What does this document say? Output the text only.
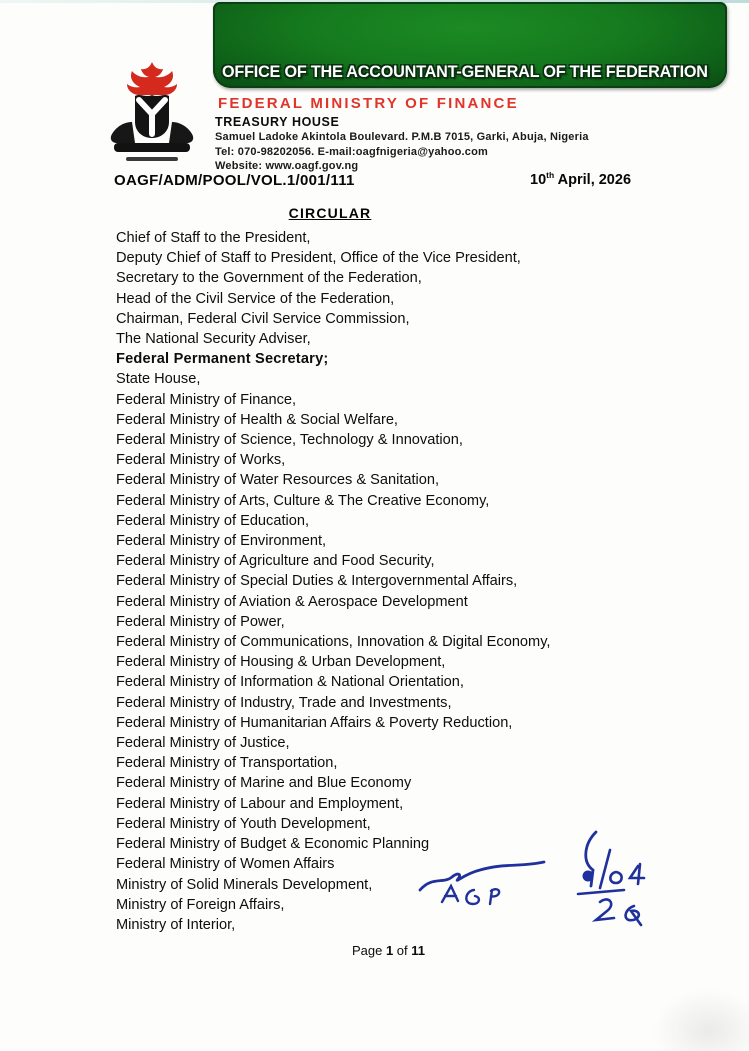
OFFICE OF THE ACCOUNTANT-GENERAL OF THE FEDERATION
FEDERAL MINISTRY OF FINANCE
TREASURY HOUSE
Samuel Ladoke Akintola Boulevard. P.M.B 7015, Garki, Abuja, Nigeria
Tel: 070-98202056. E-mail:oagfnigeria@yahoo.com
Website: www.oagf.gov.ng
OAGF/ADM/POOL/VOL.1/001/111	10th April, 2026
CIRCULAR
Chief of Staff to the President,
Deputy Chief of Staff to President, Office of the Vice President,
Secretary to the Government of the Federation,
Head of the Civil Service of the Federation,
Chairman, Federal Civil Service Commission,
The National Security Adviser,
Federal Permanent Secretary;
State House,
Federal Ministry of Finance,
Federal Ministry of Health & Social Welfare,
Federal Ministry of Science, Technology & Innovation,
Federal Ministry of Works,
Federal Ministry of Water Resources & Sanitation,
Federal Ministry of Arts, Culture & The Creative Economy,
Federal Ministry of Education,
Federal Ministry of Environment,
Federal Ministry of Agriculture and Food Security,
Federal Ministry of Special Duties & Intergovernmental Affairs,
Federal Ministry of Aviation & Aerospace Development
Federal Ministry of Power,
Federal Ministry of Communications, Innovation & Digital Economy,
Federal Ministry of Housing & Urban Development,
Federal Ministry of Information & National Orientation,
Federal Ministry of Industry, Trade and Investments,
Federal Ministry of Humanitarian Affairs & Poverty Reduction,
Federal Ministry of Justice,
Federal Ministry of Transportation,
Federal Ministry of Marine and Blue Economy
Federal Ministry of Labour and Employment,
Federal Ministry of Youth Development,
Federal Ministry of Budget & Economic Planning
Federal Ministry of Women Affairs
Ministry of Solid Minerals Development,
Ministry of Foreign Affairs,
Ministry of Interior,
Page 1 of 11
